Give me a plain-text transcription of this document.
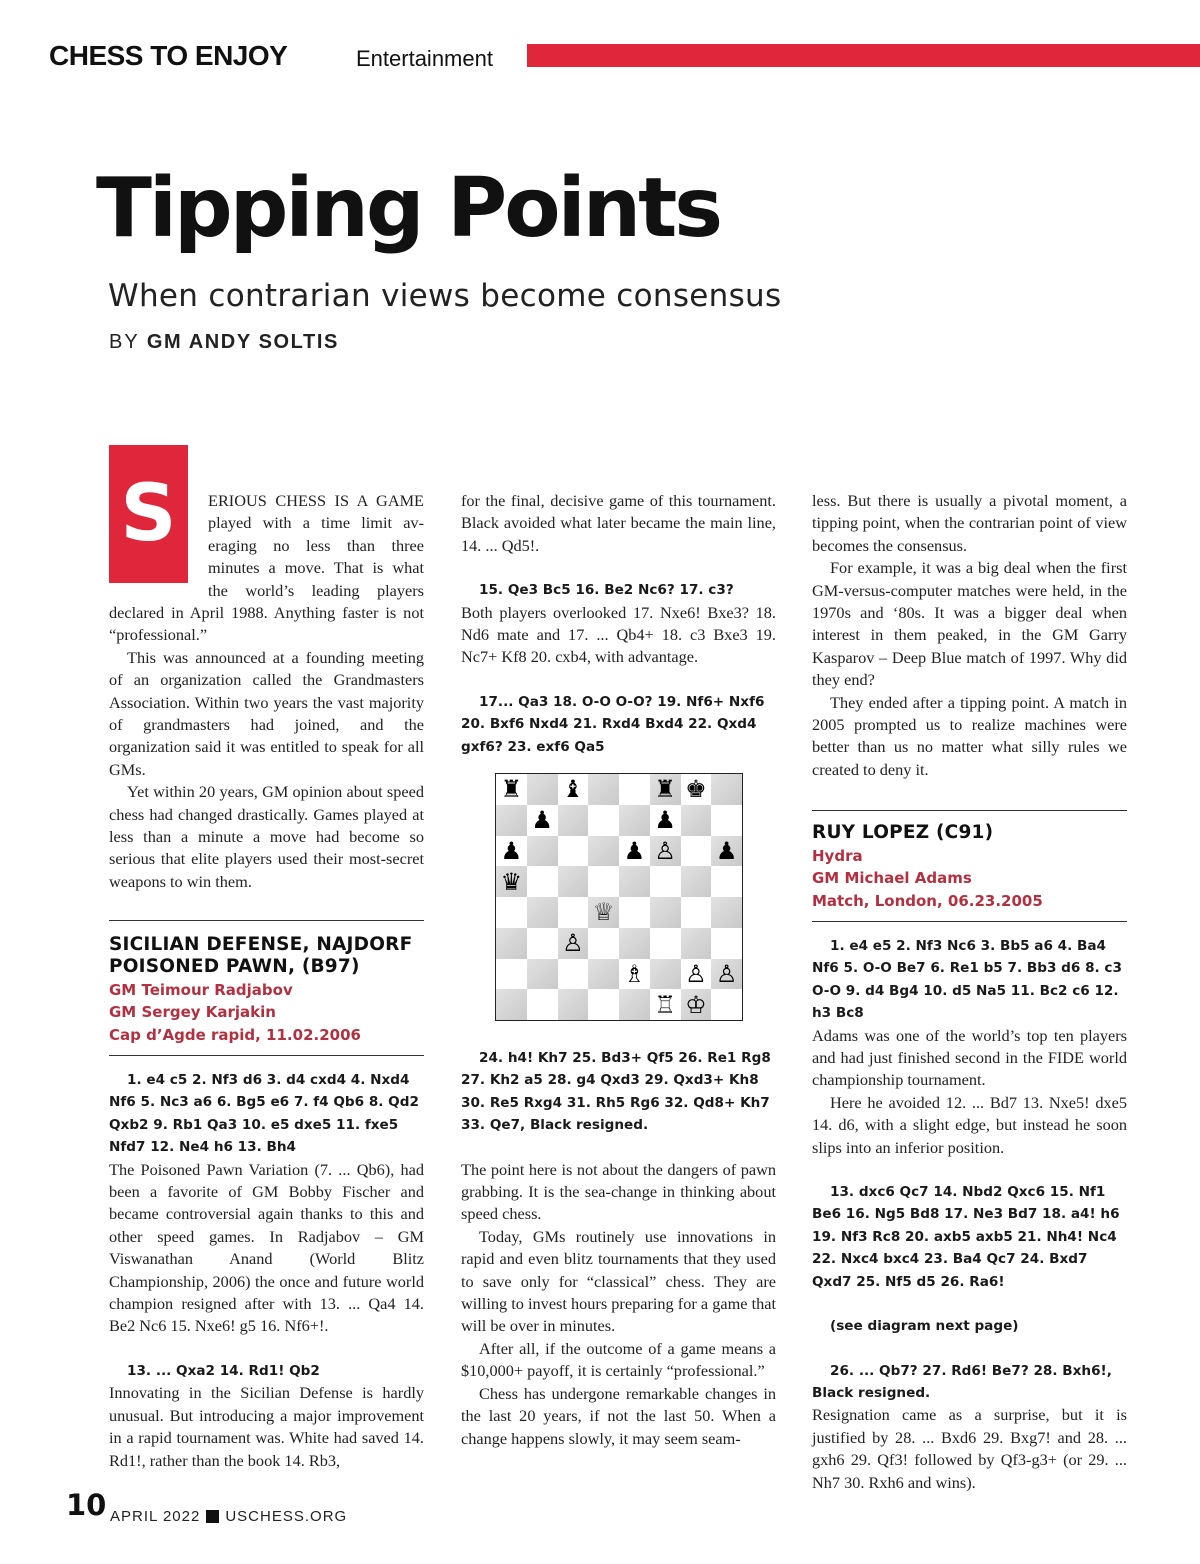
CHESS TO ENJOY	Entertainment
Tipping Points
When contrarian views become consensus
BY GM ANDY SOLTIS
S	ERIOUS CHESS IS A GAME
played with a time limit av-
eraging no less than three
minutes a move. That is what
the world’s leading players

declared in April 1988. Anything faster is not “professional.”

This was announced at a founding meeting of an organization called the Grandmasters Association. Within two years the vast majority of grandmasters had joined, and the organization said it was entitled to speak for all GMs.

Yet within 20 years, GM opinion about speed chess had changed drastically. Games played at less than a minute a move had become so serious that elite players used their most-secret weapons to win them.

SICILIAN DEFENSE, NAJDORF POISONED PAWN, (B97)
GM Teimour Radjabov
GM Sergey Karjakin
Cap d’Agde rapid, 11.02.2006

1. e4 c5 2. Nf3 d6 3. d4 cxd4 4. Nxd4 Nf6 5. Nc3 a6 6. Bg5 e6 7. f4 Qb6 8. Qd2 Qxb2 9. Rb1 Qa3 10. e5 dxe5 11. fxe5 Nfd7 12. Ne4 h6 13. Bh4

The Poisoned Pawn Variation (7. ... Qb6), had been a favorite of GM Bobby Fischer and became controversial again thanks to this and other speed games. In Radjabov – GM Viswanathan Anand (World Blitz Championship, 2006) the once and future world champion resigned after with 13. ... Qa4 14. Be2 Nc6 15. Nxe6! g5 16. Nf6+!.

13. ... Qxa2 14. Rd1! Qb2

Innovating in the Sicilian Defense is hardly unusual. But introducing a major improvement in a rapid tournament was. White had saved 14. Rd1!, rather than the book 14. Rb3,

for the final, decisive game of this tournament. Black avoided what later became the main line, 14. ... Qd5!.

15. Qe3 Bc5 16. Be2 Nc6? 17. c3?

Both players overlooked 17. Nxe6! Bxe3? 18. Nd6 mate and 17. ... Qb4+ 18. c3 Bxe3 19. Nc7+ Kf8 20. cxb4, with advantage.

17... Qa3 18. O-O O-O? 19. Nf6+ Nxf6 20. Bxf6 Nxd4 21. Rxd4 Bxd4 22. Qxd4 gxf6? 23. exf6 Qa5

♜ ♝	♜ ♚
♟	♟
♟	♟ ♙ ♟
♛
♕
♙
♗ ♙ ♙
♖ ♔

24. h4! Kh7 25. Bd3+ Qf5 26. Re1 Rg8 27. Kh2 a5 28. g4 Qxd3 29. Qxd3+ Kh8 30. Re5 Rxg4 31. Rh5 Rg6 32. Qd8+ Kh7 33. Qe7, Black resigned.

The point here is not about the dangers of pawn grabbing. It is the sea-change in thinking about speed chess.

Today, GMs routinely use innovations in rapid and even blitz tournaments that they used to save only for “classical” chess. They are willing to invest hours preparing for a game that will be over in minutes.

After all, if the outcome of a game means a $10,000+ payoff, it is certainly “professional.”

Chess has undergone remarkable changes in the last 20 years, if not the last 50. When a change happens slowly, it may seem seam-

less. But there is usually a pivotal moment, a tipping point, when the contrarian point of view becomes the consensus.

For example, it was a big deal when the first GM-versus-computer matches were held, in the 1970s and ‘80s. It was a bigger deal when interest in them peaked, in the GM Garry Kasparov – Deep Blue match of 1997. Why did they end?

They ended after a tipping point. A match in 2005 prompted us to realize machines were better than us no matter what silly rules we created to deny it.

RUY LOPEZ (C91)
Hydra
GM Michael Adams
Match, London, 06.23.2005

1. e4 e5 2. Nf3 Nc6 3. Bb5 a6 4. Ba4 Nf6 5. O-O Be7 6. Re1 b5 7. Bb3 d6 8. c3 O-O 9. d4 Bg4 10. d5 Na5 11. Bc2 c6 12. h3 Bc8

Adams was one of the world’s top ten players and had just finished second in the FIDE world championship tournament.

Here he avoided 12. ... Bd7 13. Nxe5! dxe5 14. d6, with a slight edge, but instead he soon slips into an inferior position.

13. dxc6 Qc7 14. Nbd2 Qxc6 15. Nf1 Be6 16. Ng5 Bd8 17. Ne3 Bd7 18. a4! h6 19. Nf3 Rc8 20. axb5 axb5 21. Nh4! Nc4 22. Nxc4 bxc4 23. Ba4 Qc7 24. Bxd7 Qxd7 25. Nf5 d5 26. Ra6!

(see diagram next page)

26. ... Qb7? 27. Rd6! Be7? 28. Bxh6!, Black resigned.

Resignation came as a surprise, but it is justified by 28. ... Bxd6 29. Bxg7! and 28. ... gxh6 29. Qf3! followed by Qf3-g3+ (or 29. ... Nh7 30. Rxh6 and wins).

10 APRIL 2022 USCHESS.ORG
